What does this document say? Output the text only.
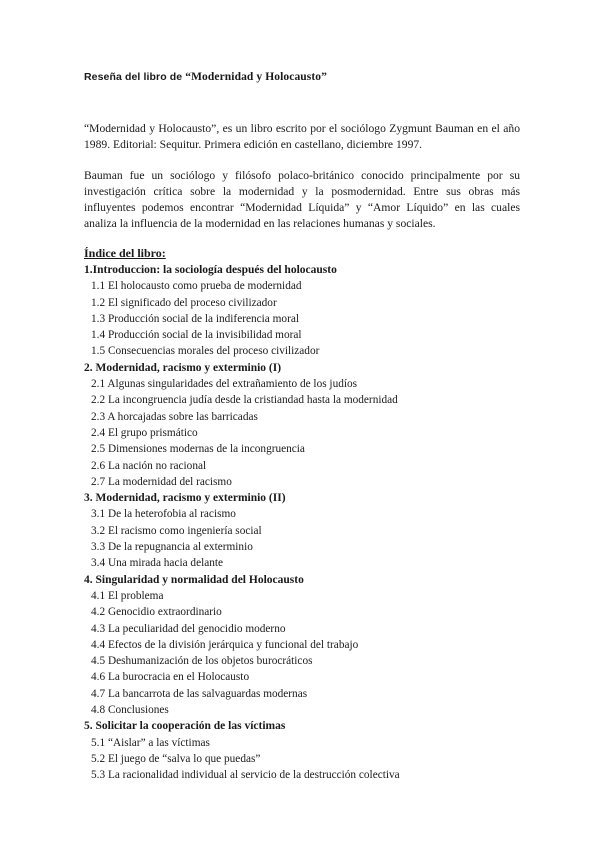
Reseña del libro de “Modernidad y Holocausto”

“Modernidad y Holocausto”, es un libro escrito por el sociólogo Zygmunt Bauman en el año 1989. Editorial: Sequitur. Primera edición en castellano, diciembre 1997.

Bauman fue un sociólogo y filósofo polaco-británico conocido principalmente por su investigación crítica sobre la modernidad y la posmodernidad. Entre sus obras más influyentes podemos encontrar “Modernidad Líquida” y “Amor Líquido” en las cuales analiza la influencia de la modernidad en las relaciones humanas y sociales.

Índice del libro:

1.Introduccion: la sociología después del holocausto
1.1 El holocausto como prueba de modernidad
1.2 El significado del proceso civilizador
1.3 Producción social de la indiferencia moral
1.4 Producción social de la invisibilidad moral
1.5 Consecuencias morales del proceso civilizador
2. Modernidad, racismo y exterminio (I)
2.1 Algunas singularidades del extrañamiento de los judíos
2.2 La incongruencia judía desde la cristiandad hasta la modernidad
2.3 A horcajadas sobre las barricadas
2.4 El grupo prismático
2.5 Dimensiones modernas de la incongruencia
2.6 La nación no racional
2.7 La modernidad del racismo
3. Modernidad, racismo y exterminio (II)
3.1 De la heterofobia al racismo
3.2 El racismo como ingeniería social
3.3 De la repugnancia al exterminio
3.4 Una mirada hacia delante
4. Singularidad y normalidad del Holocausto
4.1 El problema
4.2 Genocidio extraordinario
4.3 La peculiaridad del genocidio moderno
4.4 Efectos de la división jerárquica y funcional del trabajo
4.5 Deshumanización de los objetos burocráticos
4.6 La burocracia en el Holocausto
4.7 La bancarrota de las salvaguardas modernas
4.8 Conclusiones
5. Solicitar la cooperación de las víctimas
5.1 “Aislar” a las víctimas
5.2 El juego de “salva lo que puedas”
5.3 La racionalidad individual al servicio de la destrucción colectiva
